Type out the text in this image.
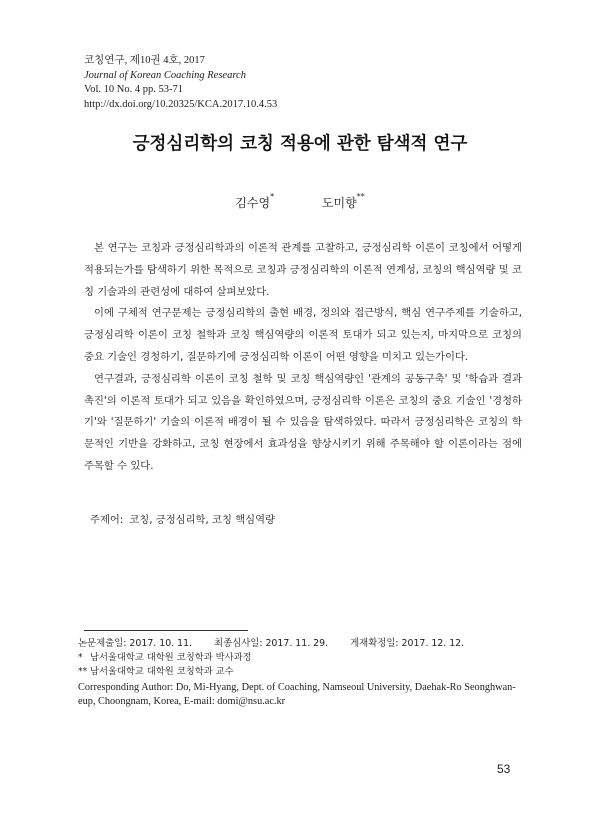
코칭연구, 제10권 4호, 2017
Journal of Korean Coaching Research
Vol. 10 No. 4 pp. 53-71
http://dx.doi.org/10.20325/KCA.2017.10.4.53
긍정심리학의 코칭 적용에 관한 탐색적 연구
김수영*	도미향**

본 연구는 코칭과 긍정심리학과의 이론적 관계를 고찰하고, 긍정심리학 이론이 코칭에서 어떻게 적용되는가를 탐색하기 위한 목적으로 코칭과 긍정심리학의 이론적 연계성, 코칭의 핵심역량 및 코칭 기술과의 관련성에 대하여 살펴보았다.

이에 구체적 연구문제는 긍정심리학의 출현 배경, 정의와 접근방식, 핵심 연구주제를 기술하고, 긍정심리학 이론이 코칭 철학과 코칭 핵심역량의 이론적 토대가 되고 있는지, 마지막으로 코칭의 중요 기술인 경청하기, 질문하기에 긍정심리학 이론이 어떤 영향을 미치고 있는가이다.

연구결과, 긍정심리학 이론이 코칭 철학 및 코칭 핵심역량인 '관계의 공동구축' 및 '학습과 결과 촉진'의 이론적 토대가 되고 있음을 확인하였으며, 긍정심리학 이론은 코칭의 중요 기술인 '경청하기'와 '질문하기' 기술의 이론적 배경이 될 수 있음을 탐색하였다. 따라서 긍정심리학은 코칭의 학문적인 기반을 강화하고, 코칭 현장에서 효과성을 향상시키기 위해 주목해야 할 이론이라는 점에 주목할 수 있다.

주제어: 코칭, 긍정심리학, 코칭 핵심역량
논문제출일: 2017. 10. 11. 최종심사일: 2017. 11. 29. 게재확정일: 2017. 12. 12.
* 남서울대학교 대학원 코칭학과 박사과정
** 남서울대학교 대학원 코칭학과 교수
Corresponding Author: Do, Mi-Hyang, Dept. of Coaching, Namseoul University, Daehak-Ro Seonghwan-eup, Choongnam, Korea, E-mail: domi@nsu.ac.kr
53
